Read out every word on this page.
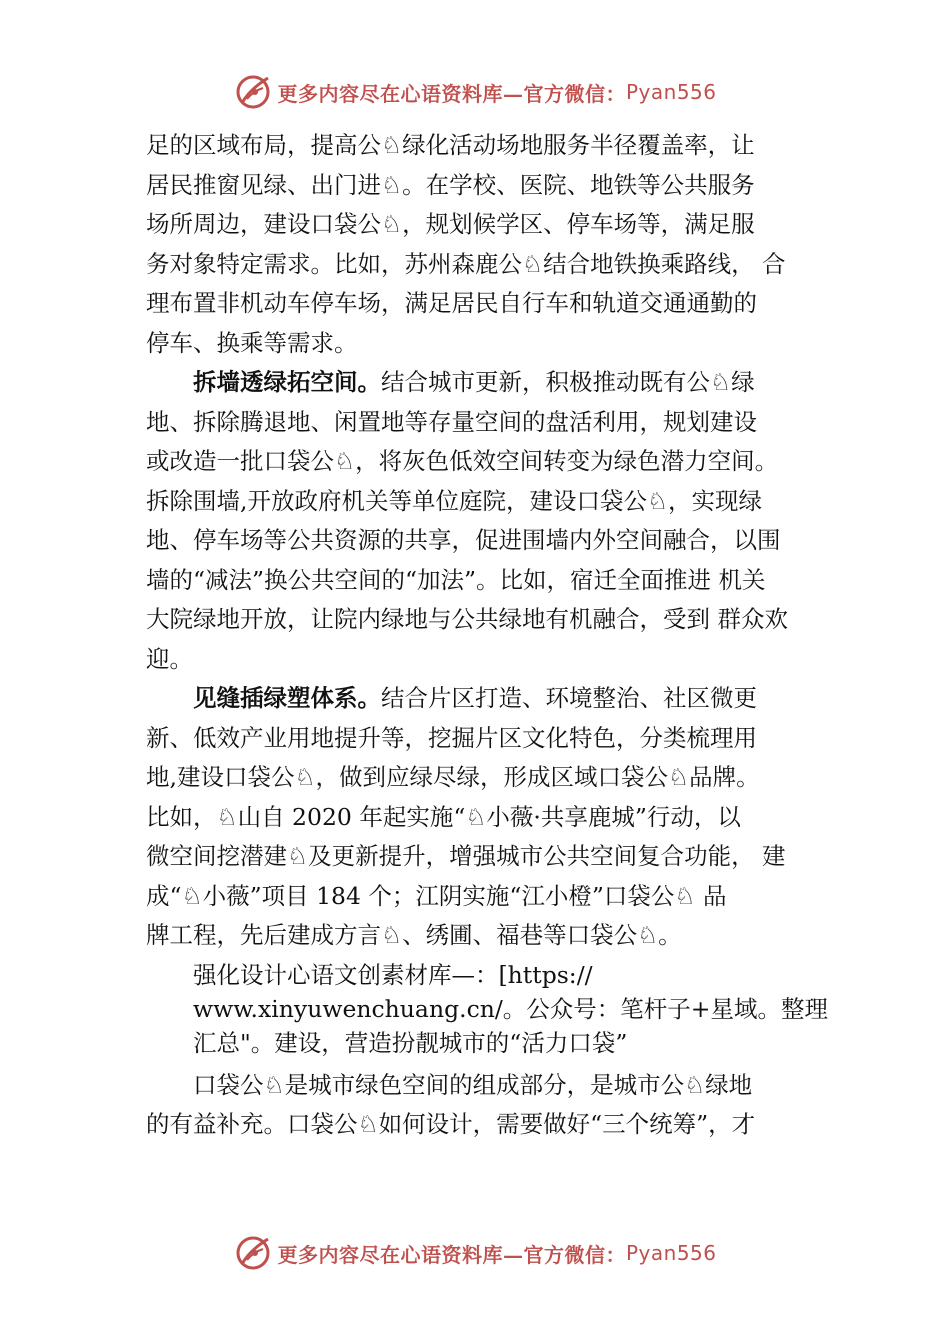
更多内容尽在心语资料库—官方微信： Pyan556
足的区域布局，提高公♘绿化活动场地服务半径覆盖率，让
居民推窗见绿、出门进♘。在学校、医院、地铁等公共服务
场所周边，建设口袋公♘，规划候学区、停车场等，满足服
务对象特定需求。比如，苏州森鹿公♘结合地铁换乘路线， 合
理布置非机动车停车场，满足居民自行车和轨道交通通勤的
停车、换乘等需求。
拆墙透绿拓空间。结合城市更新，积极推动既有公♘绿
地、拆除腾退地、闲置地等存量空间的盘活利用，规划建设
或改造一批口袋公♘，将灰色低效空间转变为绿色潜力空间。
拆除围墙,开放政府机关等单位庭院，建设口袋公♘，实现绿
地、停车场等公共资源的共享，促进围墙内外空间融合，以围
墙的“减法”换公共空间的“加法”。比如，宿迁全面推进 机关
大院绿地开放，让院内绿地与公共绿地有机融合，受到 群众欢
迎。
见缝插绿塑体系。结合片区打造、环境整治、社区微更
新、低效产业用地提升等，挖掘片区文化特色，分类梳理用
地,建设口袋公♘，做到应绿尽绿，形成区域口袋公♘品牌。
比如，♘山自 2020 年起实施“♘小薇·共享鹿城”行动，以
微空间挖潜建♘及更新提升，增强城市公共空间复合功能， 建
成“♘小薇”项目 184 个；江阴实施“江小橙”口袋公♘ 品
牌工程，先后建成方言♘、绣圃、福巷等口袋公♘。
强化设计心语文创素材库—：[https://
www.xinyuwenchuang.cn/。公众号：笔杆子+星域。整理
汇总"。建设，营造扮靓城市的“活力口袋”
口袋公♘是城市绿色空间的组成部分，是城市公♘绿地
的有益补充。口袋公♘如何设计，需要做好“三个统筹”，才
更多内容尽在心语资料库—官方微信： Pyan556
